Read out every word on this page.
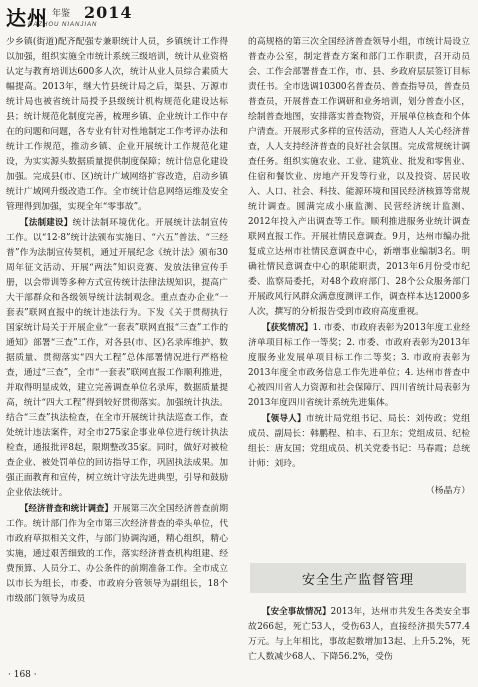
达州 年鉴 2014
DAZHOU NIANJIAN

少乡镇(街道)配齐配强专兼职统计人员，乡镇统计工作得以加强，组织实施全市统计系统三级培训，统计从业资格认定与教育培训达600多人次，统计从业人员综合素质大幅提高。2013年，继大竹县统计局之后，渠县、万源市统计局也被省统计局授予县级统计机构规范化建设达标县；统计规范化制度完善，梳理乡镇、企业统计工作中存在的问题和问题，各专业有针对性地制定工作考评办法和统计工作规范，推动乡镇、企业开展统计工作规范化建设，为实实源头数据质量提供制度保障；统计信息化建设加强。完成县(市、区)统计广域网络扩容改造，启动乡镇统计广域网升级改造工作。全市统计信息网络运维及安全管理得到加强，实现全年“零事故”。

【法制建设】统计法制环境优化。开展统计法制宣传工作。以“12·8”统计法颁布实施日、“六五”普法、“三经普”作为法制宣传契机，通过开展纪念《统计法》颁布30周年征文活动、开展“两法”知识竞赛、发放法律宣传手册，以会带训等多种方式宣传统计法律法规知识，提高广大干部群众和各级领导统计法制观念。重点查办企业“一套表”联网直报中的统计违法行为。下发《关于贯彻执行国家统计局关于开展企业“一套表”联网直报“三查”工作的通知》部署“三查”工作，对各县(市、区)名录库维护、数据质量、贯彻落实“四大工程”总体部署情况进行严格检查，通过“三查”，全市“一套表”联网直报工作顺利推进，并取得明显成效，建立完善调查单位名录库，数据质量提高，统计“四大工程”得到较好贯彻落实。加强统计执法。结合“三查”执法检查，在全市开展统计执法巡查工作，查处统计违法案件，对全市275家企事业单位进行统计执法检查，通报批评8起，限期整改35家。同时，做好对被检查企业、被处罚单位的回访指导工作，巩固执法成果。加强正面教育和宣传，树立统计守法先进典型，引导和鼓励企业依法统计。

【经济普查和统计调查】开展第三次全国经济普查前期工作。统计部门作为全市第三次经济普查的牵头单位，代市政府草拟相关文件，与部门协调沟通，精心组织，精心实施，通过艰苦细致的工作，落实经济普查机构组建、经费预算、人员分工、办公条件的前期准备工作。全市成立以市长为组长，市委、市政府分管领导为副组长，18个市级部门领导为成员

的高规格的第三次全国经济普查领导小组，市统计局设立普查办公室，制定普查方案和部门工作职责，召开动员会、工作会部署普查工作，市、县、乡政府层层签订目标责任书。全市选调10300名普查员、普查指导员，普查员普查员，开展普查工作调研和业务培训，划分普查小区，绘制普查地图，安排落实普查物资，开展单位核查和个体户清查。开展形式多样的宣传活动，营造人人关心经济普查，人人支持经济普查的良好社会氛围。完成常规统计调查任务。组织实施农业、工业、建筑业、批发和零售业、住宿和餐饮业、房地产开发等行业，以及投资、居民收入、人口、社会、科技、能源环境和国民经济核算等常规统计调查。圆满完成小康监测、民营经济统计监测、2012年投入产出调查等工作。顺利推进服务业统计调查联网直报工作。开展社情民意调查。9月，达州市编办批复成立达州市社情民意调查中心，新增事业编制3名。明确社情民意调查中心的职能职责，2013年6月份受市纪委、监察局委托，对48个政府部门、28个公众服务部门开展政风行风群众满意度测评工作，调查样本达12000多人次，撰写的分析报告受到市政府高度重视。

【获奖情况】1. 市委、市政府表彰为2013年度工业经济单项目标工作一等奖；2. 市委、市政府表彰为2013年度服务业发展单项目标工作二等奖；3. 市政府表彰为2013年度全市政务信息工作先进单位；4. 达州市普查中心被四川省人力资源和社会保障厅、四川省统计局表彰为2013年度四川省统计系统先进集体。

【领导人】市统计局党组书记、局长：刘传政；党组成员、副局长：韩鹏程、柏丰、石卫东；党组成员、纪检组长：唐友国；党组成员、机关党委书记：马春霞；总统计师：刘玲。

（杨晶方）
安全生产监督管理

【安全事故情况】2013年，达州市共发生各类安全事故266起，死亡53人，受伤63人，直接经济损失577.4万元。与上年相比，事故起数增加13起、上升5.2%，死亡人数减少68人、下降56.2%，受伤

· 168 ·
